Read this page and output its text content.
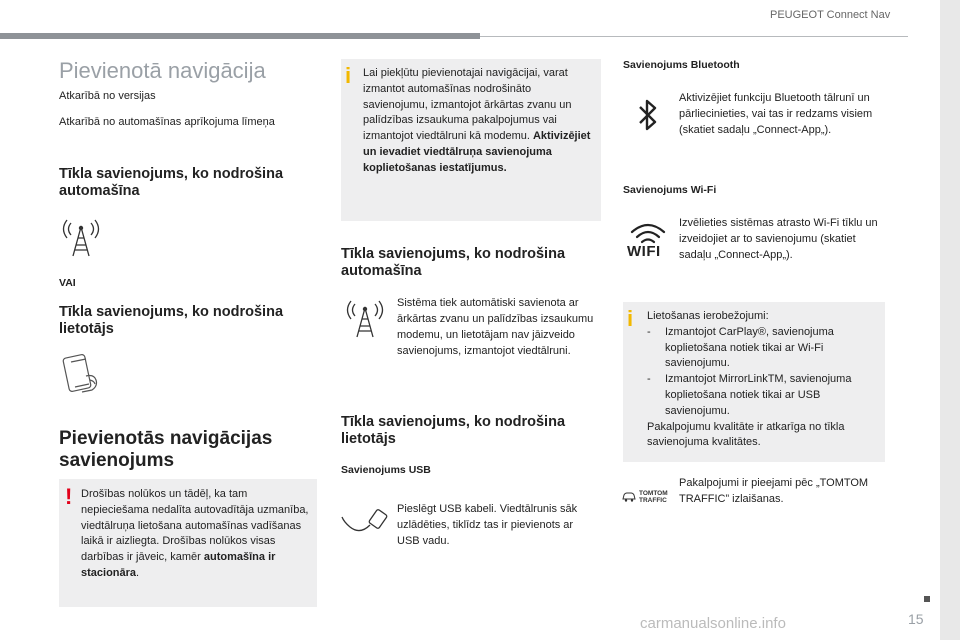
PEUGEOT Connect Nav
Pievienotā navigācija
Atkarībā no versijas
Atkarībā no automašīnas aprīkojuma līmeņa
Tīkla savienojums, ko nodrošina automašīna
VAI
Tīkla savienojums, ko nodrošina lietotājs
Pievienotās navigācijas savienojums
! Drošības nolūkos un tādēļ, ka tam nepieciešama nedalīta autovadītāja uzmanība, viedtālruņa lietošana automašīnas vadīšanas laikā ir aizliegta. Drošības nolūkos visas darbības ir jāveic, kamēr automašīna ir stacionāra.
i Lai piekļūtu pievienotajai navigācijai, varat izmantot automašīnas nodrošināto savienojumu, izmantojot ārkārtas zvanu un palīdzības izsaukuma pakalpojumus vai izmantojot viedtālruni kā modemu. Aktivizējiet un ievadiet viedtālruņa savienojuma koplietošanas iestatījumus.
Tīkla savienojums, ko nodrošina automašīna
Sistēma tiek automātiski savienota ar ārkārtas zvanu un palīdzības izsaukumu modemu, un lietotājam nav jāizveido savienojums, izmantojot viedtālruni.
Tīkla savienojums, ko nodrošina lietotājs
Savienojums USB
Pieslēgt USB kabeli. Viedtālrunis sāk uzlādēties, tiklīdz tas ir pievienots ar USB vadu.
Savienojums Bluetooth
Aktivizējiet funkciju Bluetooth tālrunī un pārliecinieties, vai tas ir redzams visiem (skatiet sadaļu „Connect-App„).
Savienojums Wi-Fi
WIFI
Izvēlieties sistēmas atrasto Wi-Fi tīklu un izveidojiet ar to savienojumu (skatiet sadaļu „Connect-App„).
i Lietošanas ierobežojumi:
- Izmantojot CarPlay®, savienojuma koplietošana notiek tikai ar Wi-Fi savienojumu.
- Izmantojot MirrorLinkTM, savienojuma koplietošana notiek tikai ar USB savienojumu.
Pakalpojumu kvalitāte ir atkarīga no tīkla savienojuma kvalitātes.
TOMTOM
TRAFFIC
Pakalpojumi ir pieejami pēc „TOMTOM TRAFFIC” izlaišanas.
15
carmanualsonline.info
